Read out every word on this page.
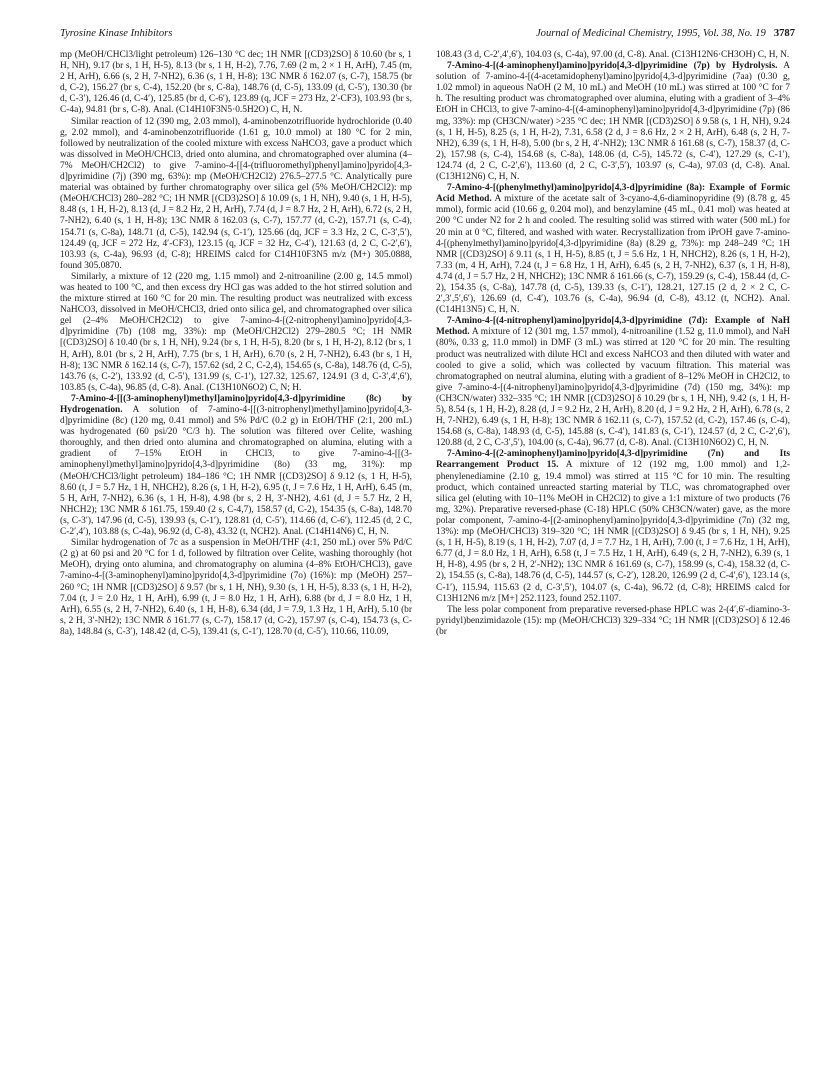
Tyrosine Kinase Inhibitors	Journal of Medicinal Chemistry, 1995, Vol. 38, No. 19 3787

mp (MeOH/CHCl3/light petroleum) 126–130 °C dec; 1H NMR [(CD3)2SO] δ 10.60 (br s, 1 H, NH), 9.17 (br s, 1 H, H-5), 8.13 (br s, 1 H, H-2), 7.76, 7.69 (2 m, 2 × 1 H, ArH), 7.45 (m, 2 H, ArH), 6.66 (s, 2 H, 7-NH2), 6.36 (s, 1 H, H-8); 13C NMR δ 162.07 (s, C-7), 158.75 (br d, C-2), 156.27 (br s, C-4), 152.20 (br s, C-8a), 148.76 (d, C-5), 133.09 (d, C-5′), 130.30 (br d, C-3′), 126.46 (d, C-4′), 125.85 (br d, C-6′), 123.89 (q, JCF = 273 Hz, 2′-CF3), 103.93 (br s, C-4a), 94.81 (br s, C-8). Anal. (C14H10F3N5·0.5H2O) C, H, N.

Similar reaction of 12 (390 mg, 2.03 mmol), 4-aminobenzotrifluoride hydrochloride (0.40 g, 2.02 mmol), and 4-aminobenzotrifluoride (1.61 g, 10.0 mmol) at 180 °C for 2 min, followed by neutralization of the cooled mixture with excess NaHCO3, gave a product which was dissolved in MeOH/CHCl3, dried onto alumina, and chromatographed over alumina (4–7% MeOH/CH2Cl2) to give 7-amino-4-[[4-(trifluoromethyl)phenyl]amino]pyrido[4,3-d]pyrimidine (7j) (390 mg, 63%): mp (MeOH/CH2Cl2) 276.5–277.5 °C. Analytically pure material was obtained by further chromatography over silica gel (5% MeOH/CH2Cl2): mp (MeOH/CHCl3) 280–282 °C; 1H NMR [(CD3)2SO] δ 10.09 (s, 1 H, NH), 9.40 (s, 1 H, H-5), 8.48 (s, 1 H, H-2), 8.13 (d, J = 8.2 Hz, 2 H, ArH), 7.74 (d, J = 8.7 Hz, 2 H, ArH), 6.72 (s, 2 H, 7-NH2), 6.40 (s, 1 H, H-8); 13C NMR δ 162.03 (s, C-7), 157.77 (d, C-2), 157.71 (s, C-4), 154.71 (s, C-8a), 148.71 (d, C-5), 142.94 (s, C-1′), 125.66 (dq, JCF = 3.3 Hz, 2 C, C-3′,5′), 124.49 (q, JCF = 272 Hz, 4′-CF3), 123.15 (q, JCF = 32 Hz, C-4′), 121.63 (d, 2 C, C-2′,6′), 103.93 (s, C-4a), 96.93 (d, C-8); HREIMS calcd for C14H10F3N5 m/z (M+) 305.0888, found 305.0870.

Similarly, a mixture of 12 (220 mg, 1.15 mmol) and 2-nitroaniline (2.00 g, 14.5 mmol) was heated to 100 °C, and then excess dry HCl gas was added to the hot stirred solution and the mixture stirred at 160 °C for 20 min. The resulting product was neutralized with excess NaHCO3, dissolved in MeOH/CHCl3, dried onto silica gel, and chromatographed over silica gel (2–4% MeOH/CH2Cl2) to give 7-amino-4-[(2-nitrophenyl)amino]pyrido[4,3-d]pyrimidine (7b) (108 mg, 33%): mp (MeOH/CH2Cl2) 279–280.5 °C; 1H NMR [(CD3)2SO] δ 10.40 (br s, 1 H, NH), 9.24 (br s, 1 H, H-5), 8.20 (br s, 1 H, H-2), 8.12 (br s, 1 H, ArH), 8.01 (br s, 2 H, ArH), 7.75 (br s, 1 H, ArH), 6.70 (s, 2 H, 7-NH2), 6.43 (br s, 1 H, H-8); 13C NMR δ 162.14 (s, C-7), 157.62 (sd, 2 C, C-2,4), 154.65 (s, C-8a), 148.76 (d, C-5), 143.76 (s, C-2′), 133.92 (d, C-5′), 131.99 (s, C-1′), 127.32, 125.67, 124.91 (3 d, C-3′,4′,6′), 103.85 (s, C-4a), 96.85 (d, C-8). Anal. (C13H10N6O2) C, N; H.

7-Amino-4-[[(3-aminophenyl)methyl]amino]pyrido[4,3-d]pyrimidine (8c) by Hydrogenation. A solution of 7-amino-4-[[(3-nitrophenyl)methyl]amino]pyrido[4,3-d]pyrimidine (8c) (120 mg, 0.41 mmol) and 5% Pd/C (0.2 g) in EtOH/THF (2:1, 200 mL) was hydrogenated (60 psi/20 °C/3 h). The solution was filtered over Celite, washing thoroughly, and then dried onto alumina and chromatographed on alumina, eluting with a gradient of 7–15% EtOH in CHCl3, to give 7-amino-4-[[(3-aminophenyl)methyl]amino]pyrido[4,3-d]pyrimidine (8o) (33 mg, 31%): mp (MeOH/CHCl3/light petroleum) 184–186 °C; 1H NMR [(CD3)2SO] δ 9.12 (s, 1 H, H-5), 8.60 (t, J = 5.7 Hz, 1 H, NHCH2), 8.26 (s, 1 H, H-2), 6.95 (t, J = 7.6 Hz, 1 H, ArH), 6.45 (m, 5 H, ArH, 7-NH2), 6.36 (s, 1 H, H-8), 4.98 (br s, 2 H, 3′-NH2), 4.61 (d, J = 5.7 Hz, 2 H, NHCH2); 13C NMR δ 161.75, 159.40 (2 s, C-4,7), 158.57 (d, C-2), 154.35 (s, C-8a), 148.70 (s, C-3′), 147.96 (d, C-5), 139.93 (s, C-1′), 128.81 (d, C-5′), 114.66 (d, C-6′), 112.45 (d, 2 C, C-2′,4′), 103.88 (s, C-4a), 96.92 (d, C-8), 43.32 (t, NCH2). Anal. (C14H14N6) C, H, N.

Similar hydrogenation of 7c as a suspension in MeOH/THF (4:1, 250 mL) over 5% Pd/C (2 g) at 60 psi and 20 °C for 1 d, followed by filtration over Celite, washing thoroughly (hot MeOH), drying onto alumina, and chromatography on alumina (4–8% EtOH/CHCl3), gave 7-amino-4-[(3-aminophenyl)amino]pyrido[4,3-d]pyrimidine (7o) (16%): mp (MeOH) 257–260 °C; 1H NMR [(CD3)2SO] δ 9.57 (br s, 1 H, NH), 9.30 (s, 1 H, H-5), 8.33 (s, 1 H, H-2), 7.04 (t, J = 2.0 Hz, 1 H, ArH), 6.99 (t, J = 8.0 Hz, 1 H, ArH), 6.88 (br d, J = 8.0 Hz, 1 H, ArH), 6.55 (s, 2 H, 7-NH2), 6.40 (s, 1 H, H-8), 6.34 (dd, J = 7.9, 1.3 Hz, 1 H, ArH), 5.10 (br s, 2 H, 3′-NH2); 13C NMR δ 161.77 (s, C-7), 158.17 (d, C-2), 157.97 (s, C-4), 154.73 (s, C-8a), 148.84 (s, C-3′), 148.42 (d, C-5), 139.41 (s, C-1′), 128.70 (d, C-5′), 110.66, 110.09,

108.43 (3 d, C-2′,4′,6′), 104.03 (s, C-4a), 97.00 (d, C-8). Anal. (C13H12N6·CH3OH) C, H, N.

7-Amino-4-[(4-aminophenyl)amino]pyrido[4,3-d]pyrimidine (7p) by Hydrolysis. A solution of 7-amino-4-[(4-acetamidophenyl)amino]pyrido[4,3-d]pyrimidine (7aa) (0.30 g, 1.02 mmol) in aqueous NaOH (2 M, 10 mL) and MeOH (10 mL) was stirred at 100 °C for 7 h. The resulting product was chromatographed over alumina, eluting with a gradient of 3–4% EtOH in CHCl3, to give 7-amino-4-[(4-aminophenyl)amino]pyrido[4,3-d]pyrimidine (7p) (86 mg, 33%): mp (CH3CN/water) >235 °C dec; 1H NMR [(CD3)2SO] δ 9.58 (s, 1 H, NH), 9.24 (s, 1 H, H-5), 8.25 (s, 1 H, H-2), 7.31, 6.58 (2 d, J = 8.6 Hz, 2 × 2 H, ArH), 6.48 (s, 2 H, 7-NH2), 6.39 (s, 1 H, H-8), 5.00 (br s, 2 H, 4′-NH2); 13C NMR δ 161.68 (s, C-7), 158.37 (d, C-2), 157.98 (s, C-4), 154.68 (s, C-8a), 148.06 (d, C-5), 145.72 (s, C-4′), 127.29 (s, C-1′), 124.74 (d, 2 C, C-2′,6′), 113.60 (d, 2 C, C-3′,5′), 103.97 (s, C-4a), 97.03 (d, C-8). Anal. (C13H12N6) C, H, N.

7-Amino-4-[(phenylmethyl)amino]pyrido[4,3-d]pyrimidine (8a): Example of Formic Acid Method. A mixture of the acetate salt of 3-cyano-4,6-diaminopyridine (9) (8.78 g, 45 mmol), formic acid (10.66 g, 0.204 mol), and benzylamine (45 mL, 0.41 mol) was heated at 200 °C under N2 for 2 h and cooled. The resulting solid was stirred with water (500 mL) for 20 min at 0 °C, filtered, and washed with water. Recrystallization from iPrOH gave 7-amino-4-[(phenylmethyl)amino]pyrido[4,3-d]pyrimidine (8a) (8.29 g, 73%): mp 248–249 °C; 1H NMR [(CD3)2SO] δ 9.11 (s, 1 H, H-5), 8.85 (t, J = 5.6 Hz, 1 H, NHCH2), 8.26 (s, 1 H, H-2), 7.33 (m, 4 H, ArH), 7.24 (t, J = 6.8 Hz, 1 H, ArH), 6.45 (s, 2 H, 7-NH2), 6.37 (s, 1 H, H-8), 4.74 (d, J = 5.7 Hz, 2 H, NHCH2); 13C NMR δ 161.66 (s, C-7), 159.29 (s, C-4), 158.44 (d, C-2), 154.35 (s, C-8a), 147.78 (d, C-5), 139.33 (s, C-1′), 128.21, 127.15 (2 d, 2 × 2 C, C-2′,3′,5′,6′), 126.69 (d, C-4′), 103.76 (s, C-4a), 96.94 (d, C-8), 43.12 (t, NCH2). Anal. (C14H13N5) C, H, N.

7-Amino-4-[(4-nitrophenyl)amino]pyrido[4,3-d]pyrimidine (7d): Example of NaH Method. A mixture of 12 (301 mg, 1.57 mmol), 4-nitroaniline (1.52 g, 11.0 mmol), and NaH (80%, 0.33 g, 11.0 mmol) in DMF (3 mL) was stirred at 120 °C for 20 min. The resulting product was neutralized with dilute HCl and excess NaHCO3 and then diluted with water and cooled to give a solid, which was collected by vacuum filtration. This material was chromatographed on neutral alumina, eluting with a gradient of 8–12% MeOH in CH2Cl2, to give 7-amino-4-[(4-nitrophenyl)amino]pyrido[4,3-d]pyrimidine (7d) (150 mg, 34%): mp (CH3CN/water) 332–335 °C; 1H NMR [(CD3)2SO] δ 10.29 (br s, 1 H, NH), 9.42 (s, 1 H, H-5), 8.54 (s, 1 H, H-2), 8.28 (d, J = 9.2 Hz, 2 H, ArH), 8.20 (d, J = 9.2 Hz, 2 H, ArH), 6.78 (s, 2 H, 7-NH2), 6.49 (s, 1 H, H-8); 13C NMR δ 162.11 (s, C-7), 157.52 (d, C-2), 157.46 (s, C-4), 154.68 (s, C-8a), 148.93 (d, C-5), 145.88 (s, C-4′), 141.83 (s, C-1′), 124.57 (d, 2 C, C-2′,6′), 120.88 (d, 2 C, C-3′,5′), 104.00 (s, C-4a), 96.77 (d, C-8). Anal. (C13H10N6O2) C, H, N.

7-Amino-4-[(2-aminophenyl)amino]pyrido[4,3-d]pyrimidine (7n) and Its Rearrangement Product 15. A mixture of 12 (192 mg, 1.00 mmol) and 1,2-phenylenediamine (2.10 g, 19.4 mmol) was stirred at 115 °C for 10 min. The resulting product, which contained unreacted starting material by TLC, was chromatographed over silica gel (eluting with 10–11% MeOH in CH2Cl2) to give a 1:1 mixture of two products (76 mg, 32%). Preparative reversed-phase (C-18) HPLC (50% CH3CN/water) gave, as the more polar component, 7-amino-4-[(2-aminophenyl)amino]pyrido[4,3-d]pyrimidine (7n) (32 mg, 13%): mp (MeOH/CHCl3) 319–320 °C; 1H NMR [(CD3)2SO] δ 9.45 (br s, 1 H, NH), 9.25 (s, 1 H, H-5), 8.19 (s, 1 H, H-2), 7.07 (d, J = 7.7 Hz, 1 H, ArH), 7.00 (t, J = 7.6 Hz, 1 H, ArH), 6.77 (d, J = 8.0 Hz, 1 H, ArH), 6.58 (t, J = 7.5 Hz, 1 H, ArH), 6.49 (s, 2 H, 7-NH2), 6.39 (s, 1 H, H-8), 4.95 (br s, 2 H, 2′-NH2); 13C NMR δ 161.69 (s, C-7), 158.99 (s, C-4), 158.32 (d, C-2), 154.55 (s, C-8a), 148.76 (d, C-5), 144.57 (s, C-2′), 128.20, 126.99 (2 d, C-4′,6′), 123.14 (s, C-1′), 115.94, 115.63 (2 d, C-3′,5′), 104.07 (s, C-4a), 96.72 (d, C-8); HREIMS calcd for C13H12N6 m/z [M+] 252.1123, found 252.1107.

The less polar component from preparative reversed-phase HPLC was 2-(4′,6′-diamino-3-pyridyl)benzimidazole (15): mp (MeOH/CHCl3) 329–334 °C; 1H NMR [(CD3)2SO] δ 12.46 (br
